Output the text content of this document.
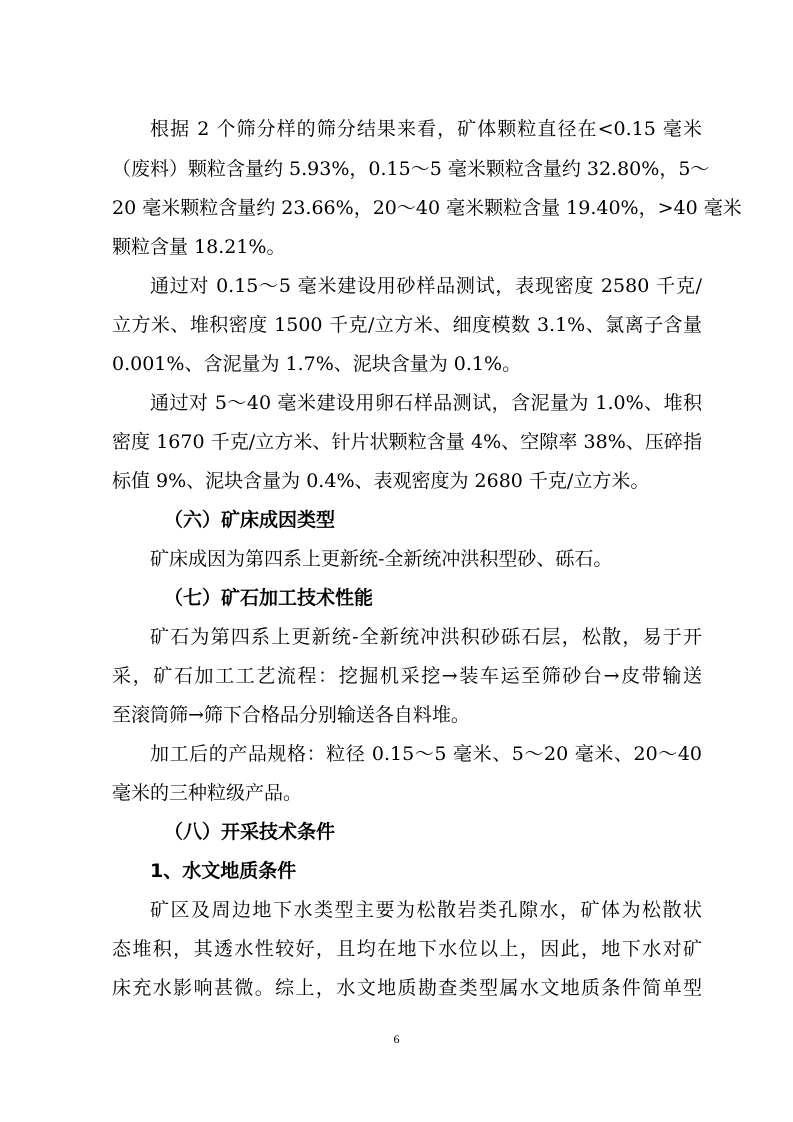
根据 2 个筛分样的筛分结果来看，矿体颗粒直径在<0.15 毫米
（废料）颗粒含量约 5.93%，0.15～5 毫米颗粒含量约 32.80%，5～
20 毫米颗粒含量约 23.66%，20～40 毫米颗粒含量 19.40%，>40 毫米
颗粒含量 18.21%。
通过对 0.15～5 毫米建设用砂样品测试，表现密度 2580 千克/
立方米、堆积密度 1500 千克/立方米、细度模数 3.1%、氯离子含量
0.001%、含泥量为 1.7%、泥块含量为 0.1%。
通过对 5～40 毫米建设用卵石样品测试，含泥量为 1.0%、堆积
密度 1670 千克/立方米、针片状颗粒含量 4%、空隙率 38%、压碎指
标值 9%、泥块含量为 0.4%、表观密度为 2680 千克/立方米。
（六）矿床成因类型
矿床成因为第四系上更新统-全新统冲洪积型砂、砾石。
（七）矿石加工技术性能
矿石为第四系上更新统-全新统冲洪积砂砾石层，松散，易于开
采，矿石加工工艺流程：挖掘机采挖→装车运至筛砂台→皮带输送
至滚筒筛→筛下合格品分别输送各自料堆。
加工后的产品规格：粒径 0.15～5 毫米、5～20 毫米、20～40
毫米的三种粒级产品。
（八）开采技术条件
1、水文地质条件
矿区及周边地下水类型主要为松散岩类孔隙水，矿体为松散状
态堆积，其透水性较好，且均在地下水位以上，因此，地下水对矿
床充水影响甚微。综上，水文地质勘查类型属水文地质条件简单型
6
